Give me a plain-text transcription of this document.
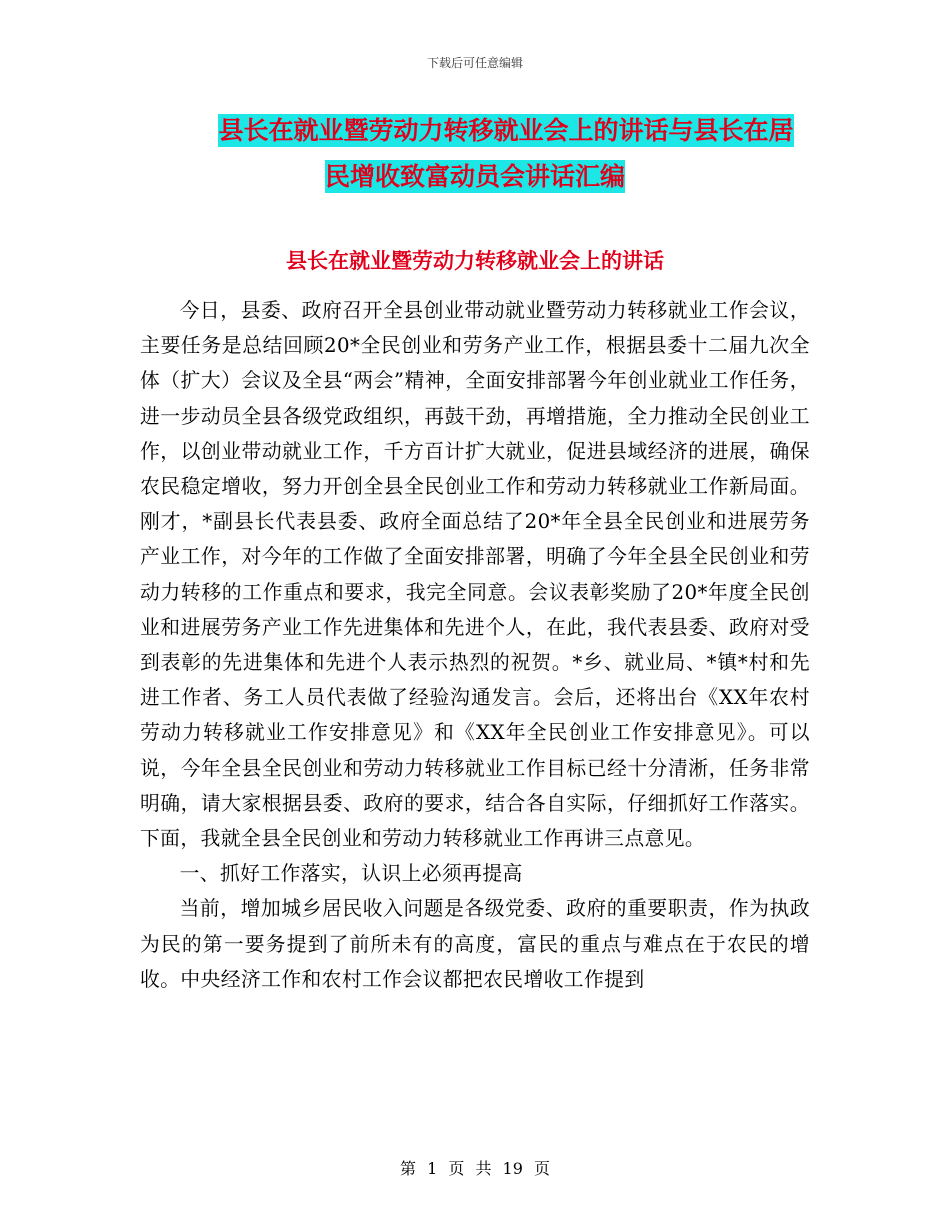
下载后可任意编辑
县长在就业暨劳动力转移就业会上的讲话与县长在居
民增收致富动员会讲话汇编
县长在就业暨劳动力转移就业会上的讲话

今日，县委、政府召开全县创业带动就业暨劳动力转移就业工作会议，主要任务是总结回顾20*全民创业和劳务产业工作，根据县委十二届九次全体（扩大）会议及全县“两会”精神，全面安排部署今年创业就业工作任务，进一步动员全县各级党政组织，再鼓干劲，再增措施，全力推动全民创业工作，以创业带动就业工作，千方百计扩大就业，促进县域经济的进展，确保农民稳定增收，努力开创全县全民创业工作和劳动力转移就业工作新局面。刚才，*副县长代表县委、政府全面总结了20*年全县全民创业和进展劳务产业工作，对今年的工作做了全面安排部署，明确了今年全县全民创业和劳动力转移的工作重点和要求，我完全同意。会议表彰奖励了20*年度全民创业和进展劳务产业工作先进集体和先进个人，在此，我代表县委、政府对受到表彰的先进集体和先进个人表示热烈的祝贺。*乡、就业局、*镇*村和先进工作者、务工人员代表做了经验沟通发言。会后，还将出台《XX年农村劳动力转移就业工作安排意见》和《XX年全民创业工作安排意见》。可以说，今年全县全民创业和劳动力转移就业工作目标已经十分清淅，任务非常明确，请大家根据县委、政府的要求，结合各自实际，仔细抓好工作落实。下面，我就全县全民创业和劳动力转移就业工作再讲三点意见。

一、抓好工作落实，认识上必须再提高

当前，增加城乡居民收入问题是各级党委、政府的重要职责，作为执政为民的第一要务提到了前所未有的高度，富民的重点与难点在于农民的增收。中央经济工作和农村工作会议都把农民增收工作提到

第 1 页 共 19 页
